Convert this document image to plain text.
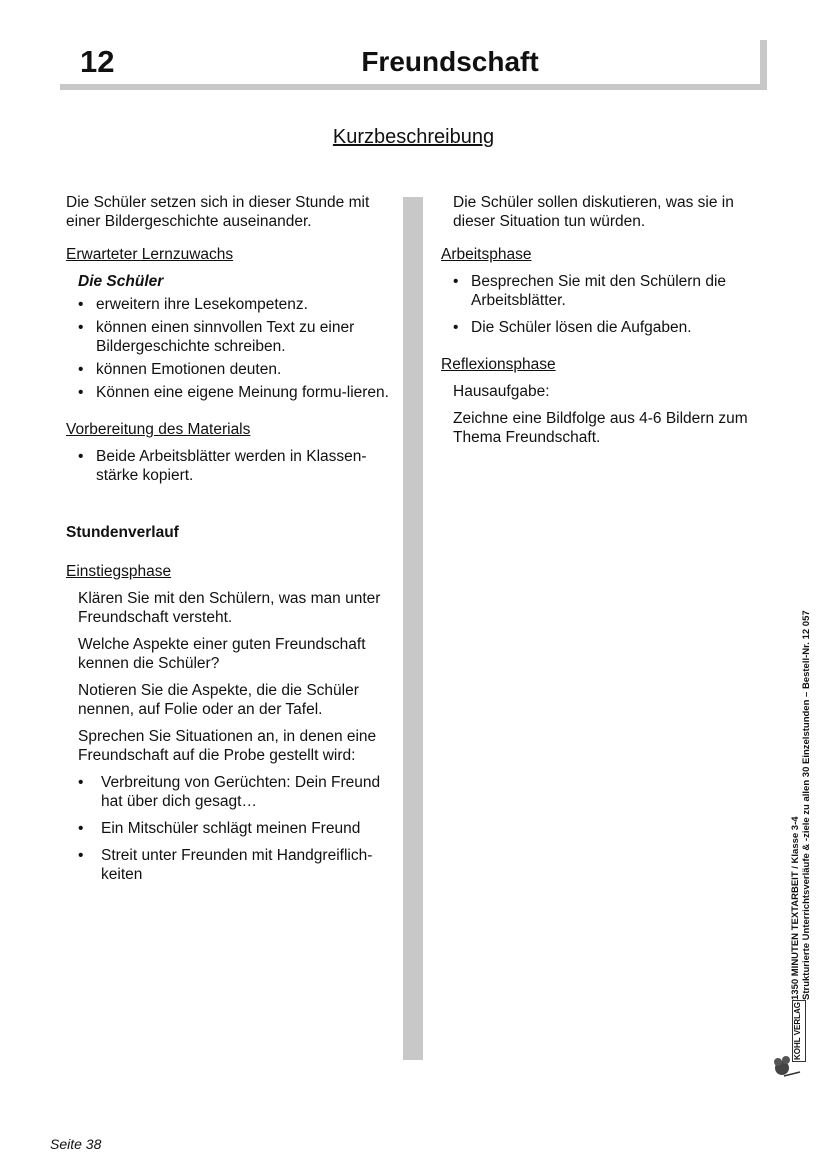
12	Freundschaft
Kurzbeschreibung

Die Schüler setzen sich in dieser Stunde mit einer Bildergeschichte auseinander.

Erwarteter Lernzuwachs

Die Schüler

• erweitern ihre Lesekompetenz.
• können einen sinnvollen Text zu einer Bildergeschichte schreiben.
• können Emotionen deuten.
• Können eine eigene Meinung formu-lieren.

Vorbereitung des Materials

• Beide Arbeitsblätter werden in Klassen-stärke kopiert.

Stundenverlauf

Einstiegsphase

Klären Sie mit den Schülern, was man unter Freundschaft versteht.

Welche Aspekte einer guten Freundschaft kennen die Schüler?

Notieren Sie die Aspekte, die die Schüler nennen, auf Folie oder an der Tafel.

Sprechen Sie Situationen an, in denen eine Freundschaft auf die Probe gestellt wird:

• Verbreitung von Gerüchten: Dein Freund hat über dich gesagt…
• Ein Mitschüler schlägt meinen Freund
• Streit unter Freunden mit Handgreiflich-keiten

Die Schüler sollen diskutieren, was sie in dieser Situation tun würden.

Arbeitsphase

• Besprechen Sie mit den Schülern die Arbeitsblätter.
• Die Schüler lösen die Aufgaben.

Reflexionsphase

Hausaufgabe:

Zeichne eine Bildfolge aus 4-6 Bildern zum Thema Freundschaft.

1350 MINUTEN TEXTARBEIT / Klasse 3-4 Strukturierte Unterrichtsverläufe & -ziele zu allen 30 Einzelstunden – Bestell-Nr. 12 057
KOHL VERLAG
Seite 38
